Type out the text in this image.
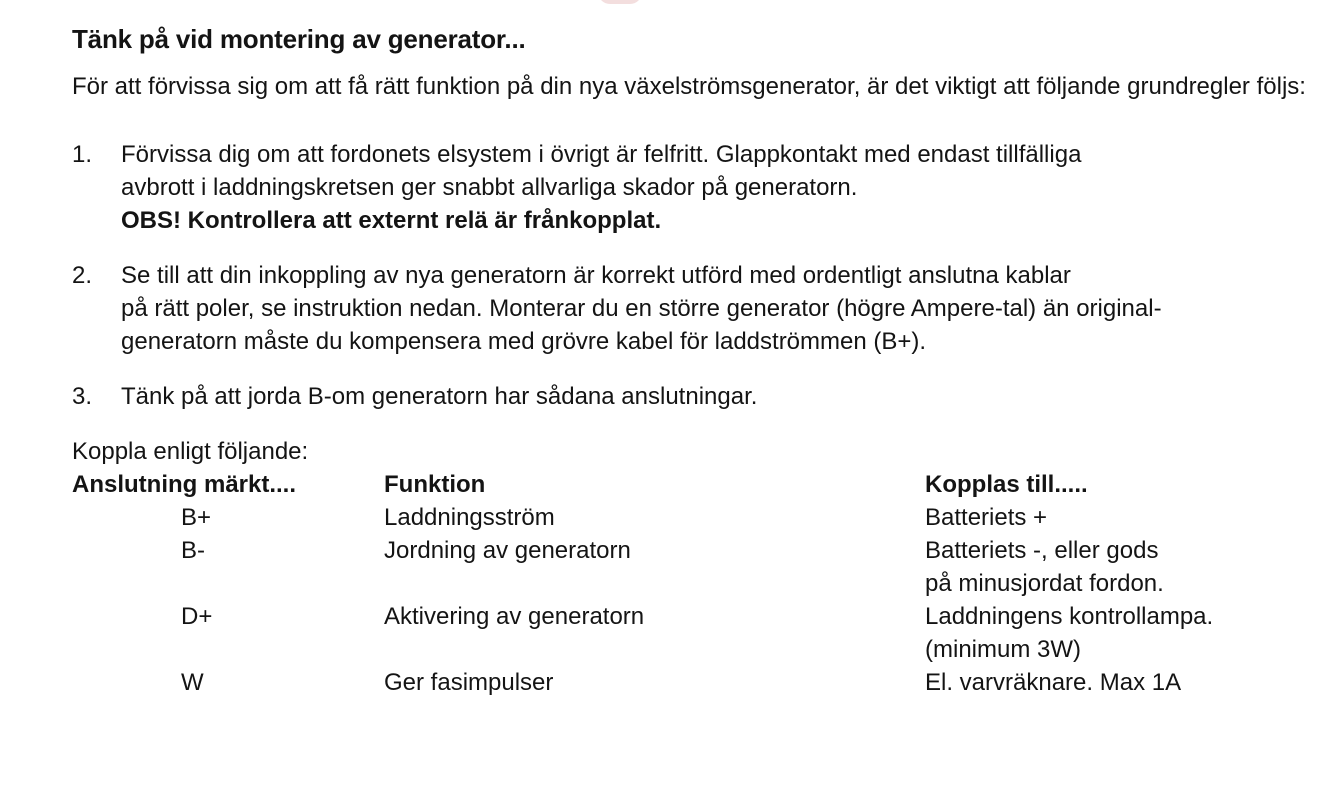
Tänk på vid montering av generator...

För att förvissa sig om att få rätt funktion på din nya växelströmsgenerator, är det viktigt att följande grundregler följs:

1. Förvissa dig om att fordonets elsystem i övrigt är felfritt. Glappkontakt med endast tillfälliga
avbrott i laddningskretsen ger snabbt allvarliga skador på generatorn.
OBS! Kontrollera att externt relä är frånkopplat.
2. Se till att din inkoppling av nya generatorn är korrekt utförd med ordentligt anslutna kablar
på rätt poler, se instruktion nedan. Monterar du en större generator (högre Ampere-tal) än original-
generatorn måste du kompensera med grövre kabel för laddströmmen (B+).
3. Tänk på att jorda B-om generatorn har sådana anslutningar.

Koppla enligt följande:

Anslutning märkt....	Funktion	Kopplas till.....
B+	Laddningsström	Batteriets +
B-	Jordning av generatorn	Batteriets -, eller gods
på minusjordat fordon.
D+	Aktivering av generatorn	Laddningens kontrollampa.
(minimum 3W)
W	Ger fasimpulser	El. varvräknare. Max 1A
